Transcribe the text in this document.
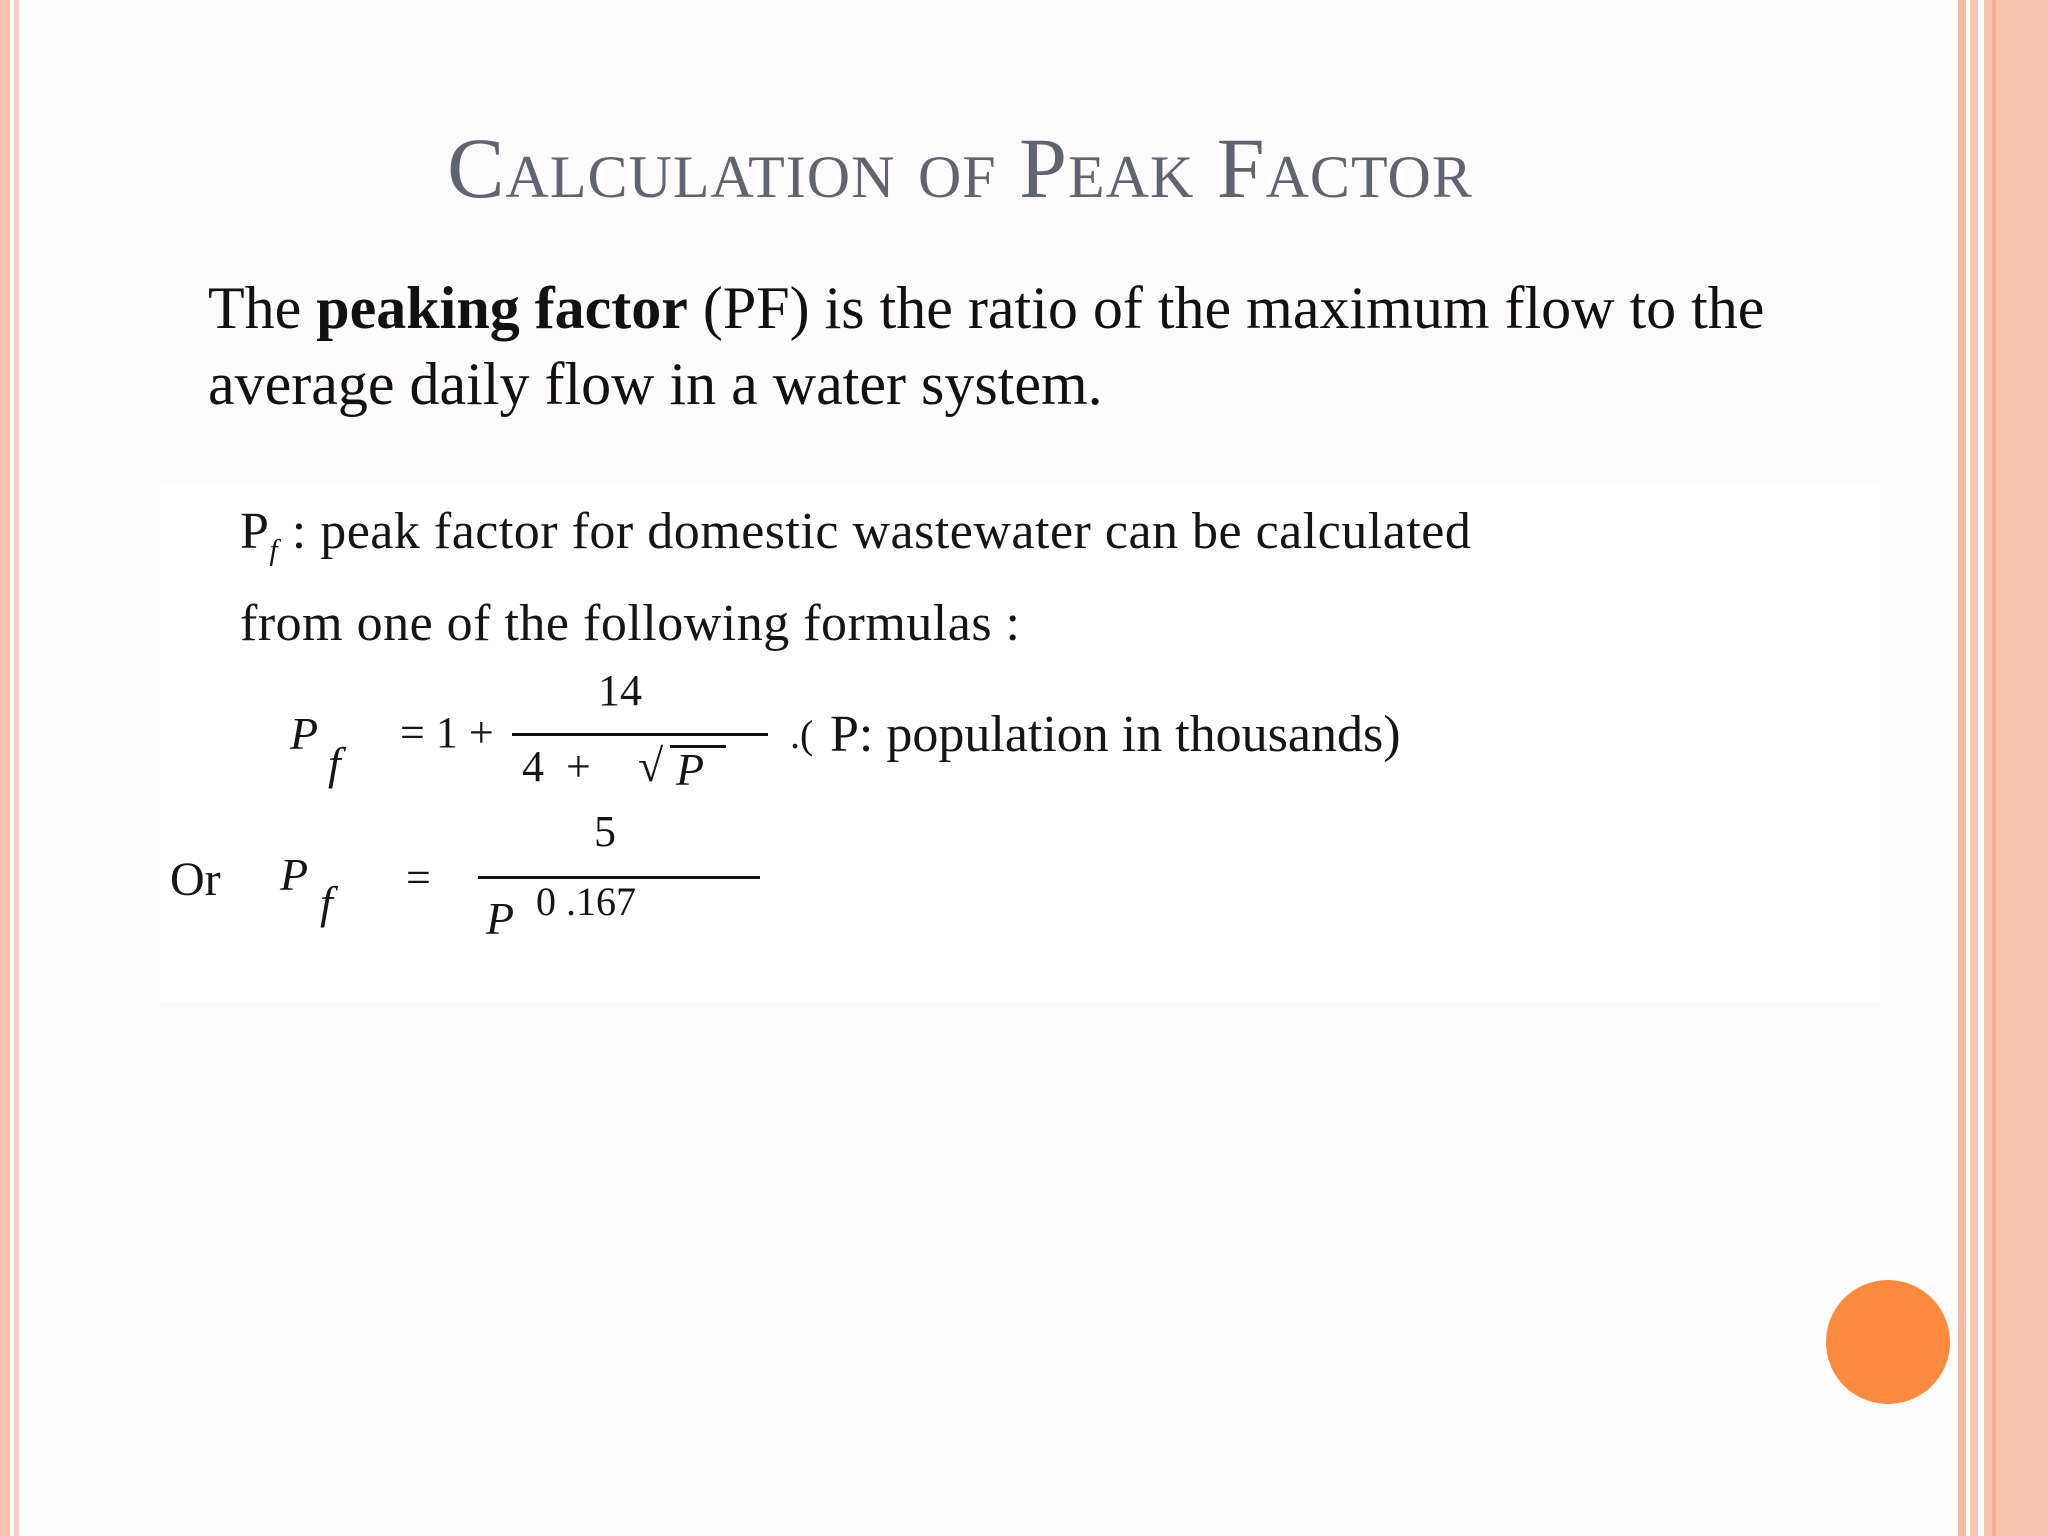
Calculation of Peak Factor
The peaking factor (PF) is the ratio of the maximum flow to the average daily flow in a water system.
$P_f$ : peak factor for domestic wastewater can be calculated
from one of the following formulas :
P
f
= 1 +
14
4  + √ P
.( P: population in thousands)
Or P
f =
5
P 0 .167
